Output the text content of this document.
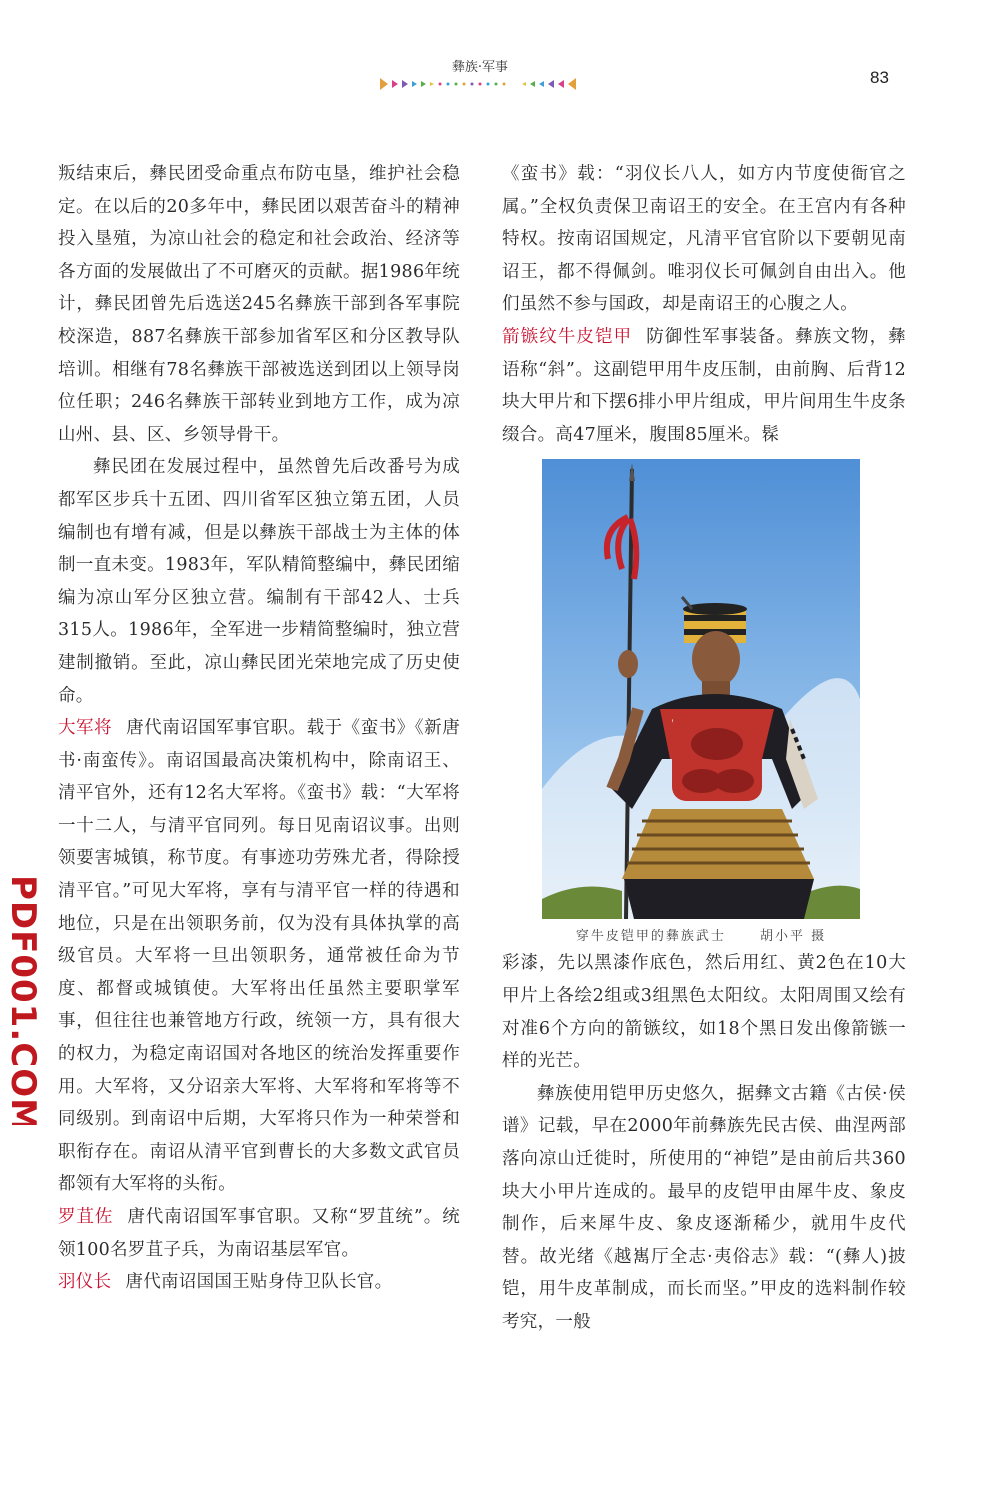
彝族·军事
83

叛结束后，彝民团受命重点布防屯垦，维护社会稳定。在以后的20多年中，彝民团以艰苦奋斗的精神投入垦殖，为凉山社会的稳定和社会政治、经济等各方面的发展做出了不可磨灭的贡献。据1986年统计，彝民团曾先后选送245名彝族干部到各军事院校深造，887名彝族干部参加省军区和分区教导队培训。相继有78名彝族干部被选送到团以上领导岗位任职；246名彝族干部转业到地方工作，成为凉山州、县、区、乡领导骨干。

彝民团在发展过程中，虽然曾先后改番号为成都军区步兵十五团、四川省军区独立第五团，人员编制也有增有减，但是以彝族干部战士为主体的体制一直未变。1983年，军队精简整编中，彝民团缩编为凉山军分区独立营。编制有干部42人、士兵315人。1986年，全军进一步精简整编时，独立营建制撤销。至此，凉山彝民团光荣地完成了历史使命。

大军将 唐代南诏国军事官职。载于《蛮书》《新唐书·南蛮传》。南诏国最高决策机构中，除南诏王、清平官外，还有12名大军将。《蛮书》载：“大军将一十二人，与清平官同列。每日见南诏议事。出则领要害城镇，称节度。有事迹功劳殊尤者，得除授清平官。”可见大军将，享有与清平官一样的待遇和地位，只是在出领职务前，仅为没有具体执掌的高级官员。大军将一旦出领职务，通常被任命为节度、都督或城镇使。大军将出任虽然主要职掌军事，但往往也兼管地方行政，统领一方，具有很大的权力，为稳定南诏国对各地区的统治发挥重要作用。大军将，又分诏亲大军将、大军将和军将等不同级别。到南诏中后期，大军将只作为一种荣誉和职衔存在。南诏从清平官到曹长的大多数文武官员都领有大军将的头衔。

罗苴佐 唐代南诏国军事官职。又称“罗苴统”。统领100名罗苴子兵，为南诏基层军官。

羽仪长 唐代南诏国国王贴身侍卫队长官。

《蛮书》载：“羽仪长八人，如方内节度使衙官之属。”全权负责保卫南诏王的安全。在王宫内有各种特权。按南诏国规定，凡清平官官阶以下要朝见南诏王，都不得佩剑。唯羽仪长可佩剑自由出入。他们虽然不参与国政，却是南诏王的心腹之人。

箭镞纹牛皮铠甲 防御性军事装备。彝族文物，彝语称“斜”。这副铠甲用牛皮压制，由前胸、后背12块大甲片和下摆6排小甲片组成，甲片间用生牛皮条缀合。高47厘米，腹围85厘米。髹

穿牛皮铠甲的彝族武士	胡小平 摄

彩漆，先以黑漆作底色，然后用红、黄2色在10大甲片上各绘2组或3组黑色太阳纹。太阳周围又绘有对准6个方向的箭镞纹，如18个黑日发出像箭镞一样的光芒。

彝族使用铠甲历史悠久，据彝文古籍《古侯·侯谱》记载，早在2000年前彝族先民古侯、曲涅两部落向凉山迁徙时，所使用的“神铠”是由前后共360块大小甲片连成的。最早的皮铠甲由犀牛皮、象皮制作，后来犀牛皮、象皮逐渐稀少，就用牛皮代替。故光绪《越嶲厅全志·夷俗志》载：“(彝人)披铠，用牛皮革制成，而长而坚。”甲皮的选料制作较考究，一般

PDF001.COM
